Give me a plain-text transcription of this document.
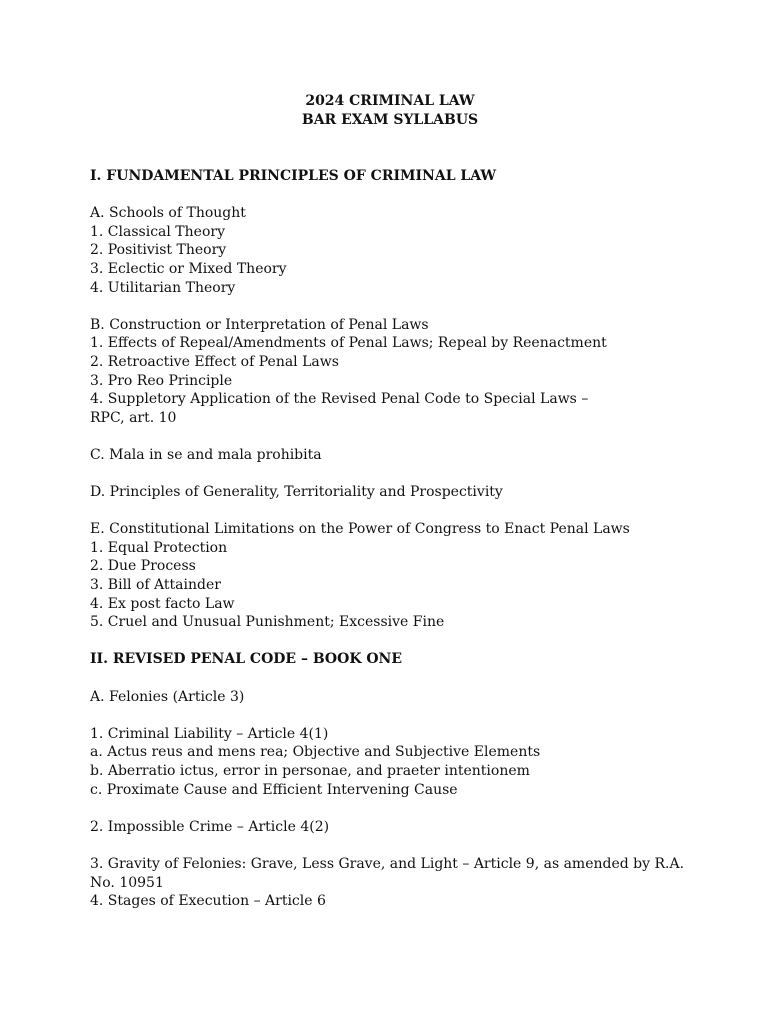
2024 CRIMINAL LAW
BAR EXAM SYLLABUS
I. FUNDAMENTAL PRINCIPLES OF CRIMINAL LAW
A. Schools of Thought
1. Classical Theory
2. Positivist Theory
3. Eclectic or Mixed Theory
4. Utilitarian Theory
B. Construction or Interpretation of Penal Laws
1. Effects of Repeal/Amendments of Penal Laws; Repeal by Reenactment
2. Retroactive Effect of Penal Laws
3. Pro Reo Principle
4. Suppletory Application of the Revised Penal Code to Special Laws –
RPC, art. 10
C. Mala in se and mala prohibita
D. Principles of Generality, Territoriality and Prospectivity
E. Constitutional Limitations on the Power of Congress to Enact Penal Laws
1. Equal Protection
2. Due Process
3. Bill of Attainder
4. Ex post facto Law
5. Cruel and Unusual Punishment; Excessive Fine
II. REVISED PENAL CODE – BOOK ONE
A. Felonies (Article 3)
1. Criminal Liability – Article 4(1)
a. Actus reus and mens rea; Objective and Subjective Elements
b. Aberratio ictus, error in personae, and praeter intentionem
c. Proximate Cause and Efficient Intervening Cause
2. Impossible Crime – Article 4(2)
3. Gravity of Felonies: Grave, Less Grave, and Light – Article 9, as amended by R.A. No. 10951
4. Stages of Execution – Article 6
